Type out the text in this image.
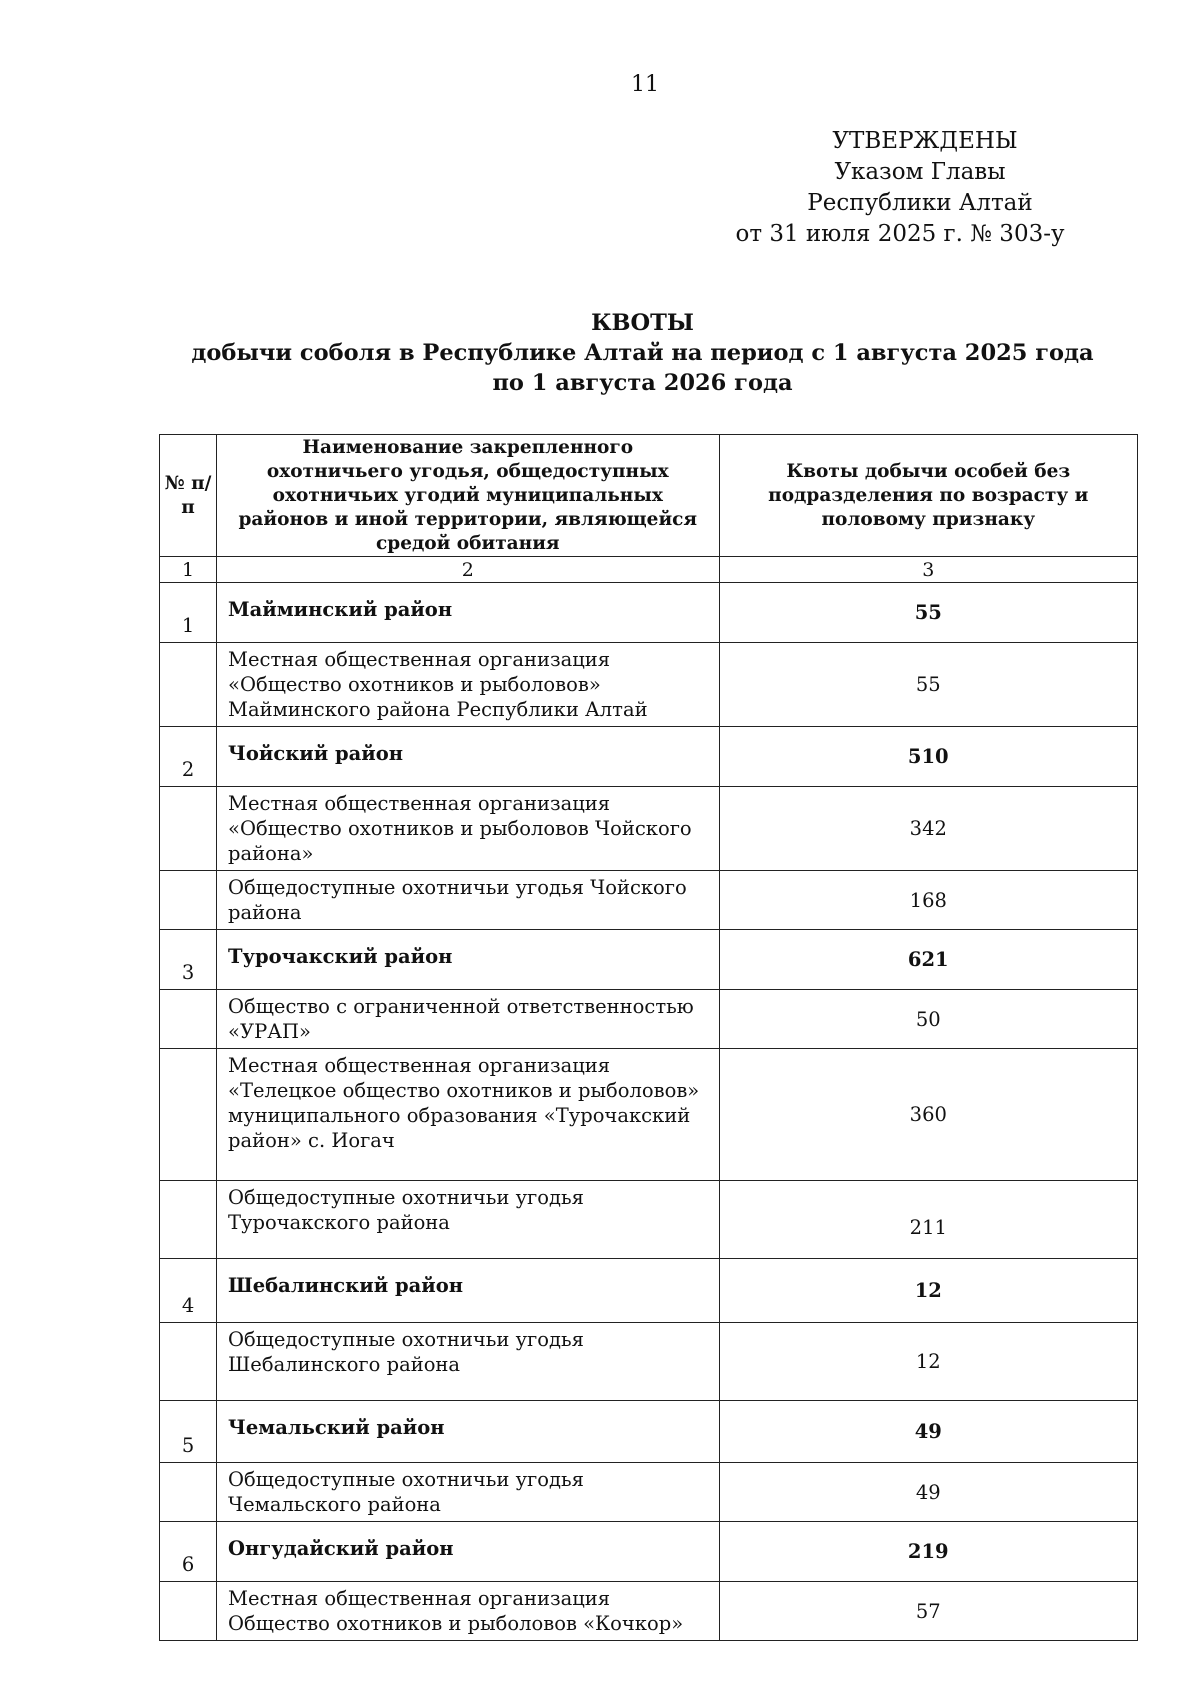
11
УТВЕРЖДЕНЫ
Указом Главы
Республики Алтай
от 31 июля 2025 г. № 303-у
КВОТЫ
добычи соболя в Республике Алтай на период с 1 августа 2025 года
по 1 августа 2026 года
№ п/п	Наименование закрепленного охотничьего угодья, общедоступных охотничьих угодий муниципальных районов и иной территории, являющейся средой обитания	Квоты добычи особей без подразделения по возрасту и половому признаку
1	2	3
1	Майминский район	55
	Местная общественная организация «Общество охотников и рыболовов» Майминского района Республики Алтай	55
2	Чойский район	510
	Местная общественная организация «Общество охотников и рыболовов Чойского района»	342
	Общедоступные охотничьи угодья Чойского района	168
3	Турочакский район	621
	Общество с ограниченной ответственностью «УРАП»	50
	Местная общественная организация «Телецкое общество охотников и рыболовов» муниципального образования «Турочакский район» с. Иогач	360
	Общедоступные охотничьи угодья Турочакского района	211
4	Шебалинский район	12
	Общедоступные охотничьи угодья Шебалинского района	12
5	Чемальский район	49
	Общедоступные охотничьи угодья Чемальского района	49
6	Онгудайский район	219
	Местная общественная организация Общество охотников и рыболовов «Кочкор»	57
